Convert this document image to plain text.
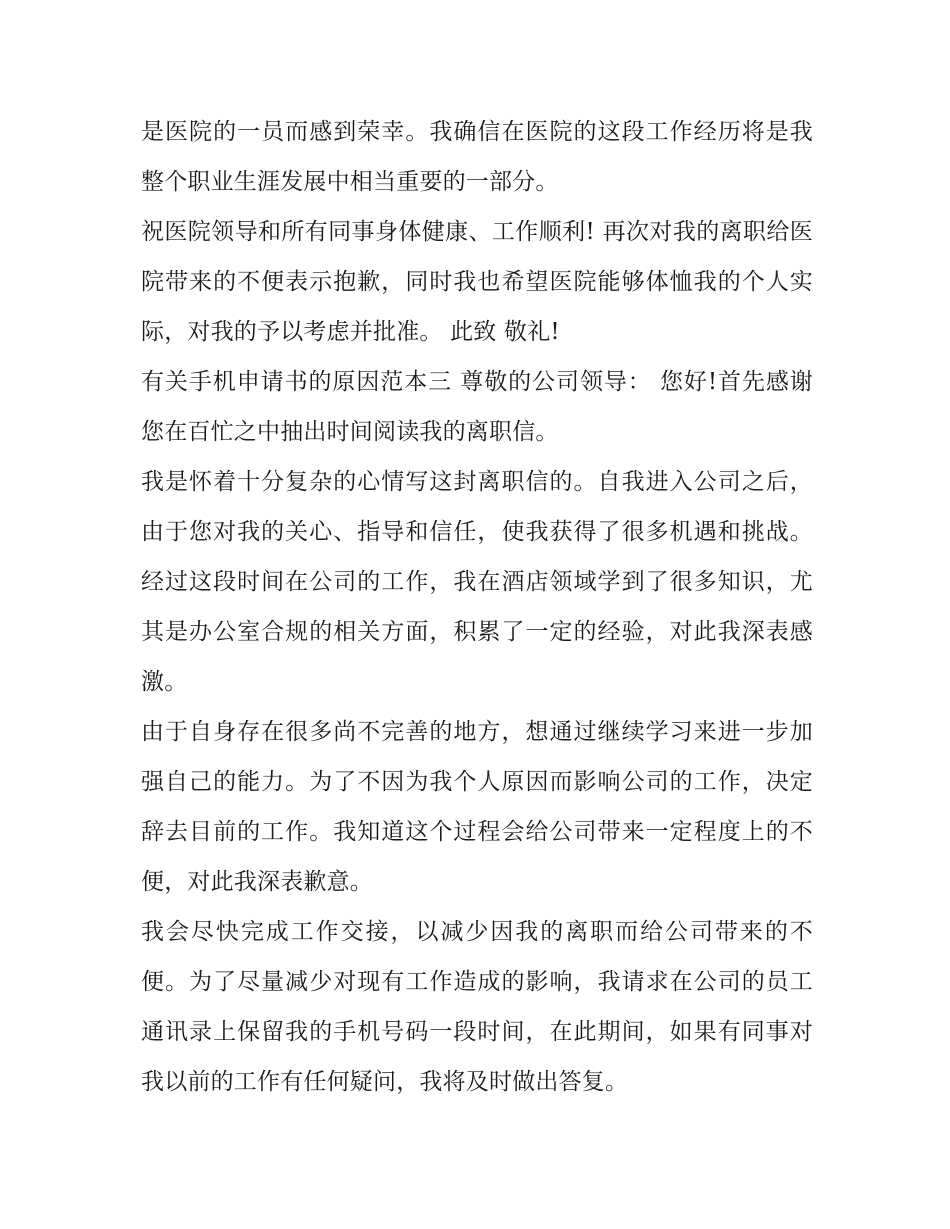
是医院的一员而感到荣幸。我确信在医院的这段工作经历将是我整个职业生涯发展中相当重要的一部分。

祝医院领导和所有同事身体健康、工作顺利! 再次对我的离职给医院带来的不便表示抱歉，同时我也希望医院能够体恤我的个人实际，对我的予以考虑并批准。 此致 敬礼!

有关手机申请书的原因范本三 尊敬的公司领导： 您好!首先感谢您在百忙之中抽出时间阅读我的离职信。

我是怀着十分复杂的心情写这封离职信的。自我进入公司之后，由于您对我的关心、指导和信任，使我获得了很多机遇和挑战。经过这段时间在公司的工作，我在酒店领域学到了很多知识，尤其是办公室合规的相关方面，积累了一定的经验，对此我深表感激。

由于自身存在很多尚不完善的地方，想通过继续学习来进一步加强自己的能力。为了不因为我个人原因而影响公司的工作，决定辞去目前的工作。我知道这个过程会给公司带来一定程度上的不便，对此我深表歉意。

我会尽快完成工作交接，以减少因我的离职而给公司带来的不便。为了尽量减少对现有工作造成的影响，我请求在公司的员工通讯录上保留我的手机号码一段时间，在此期间，如果有同事对我以前的工作有任何疑问，我将及时做出答复。
